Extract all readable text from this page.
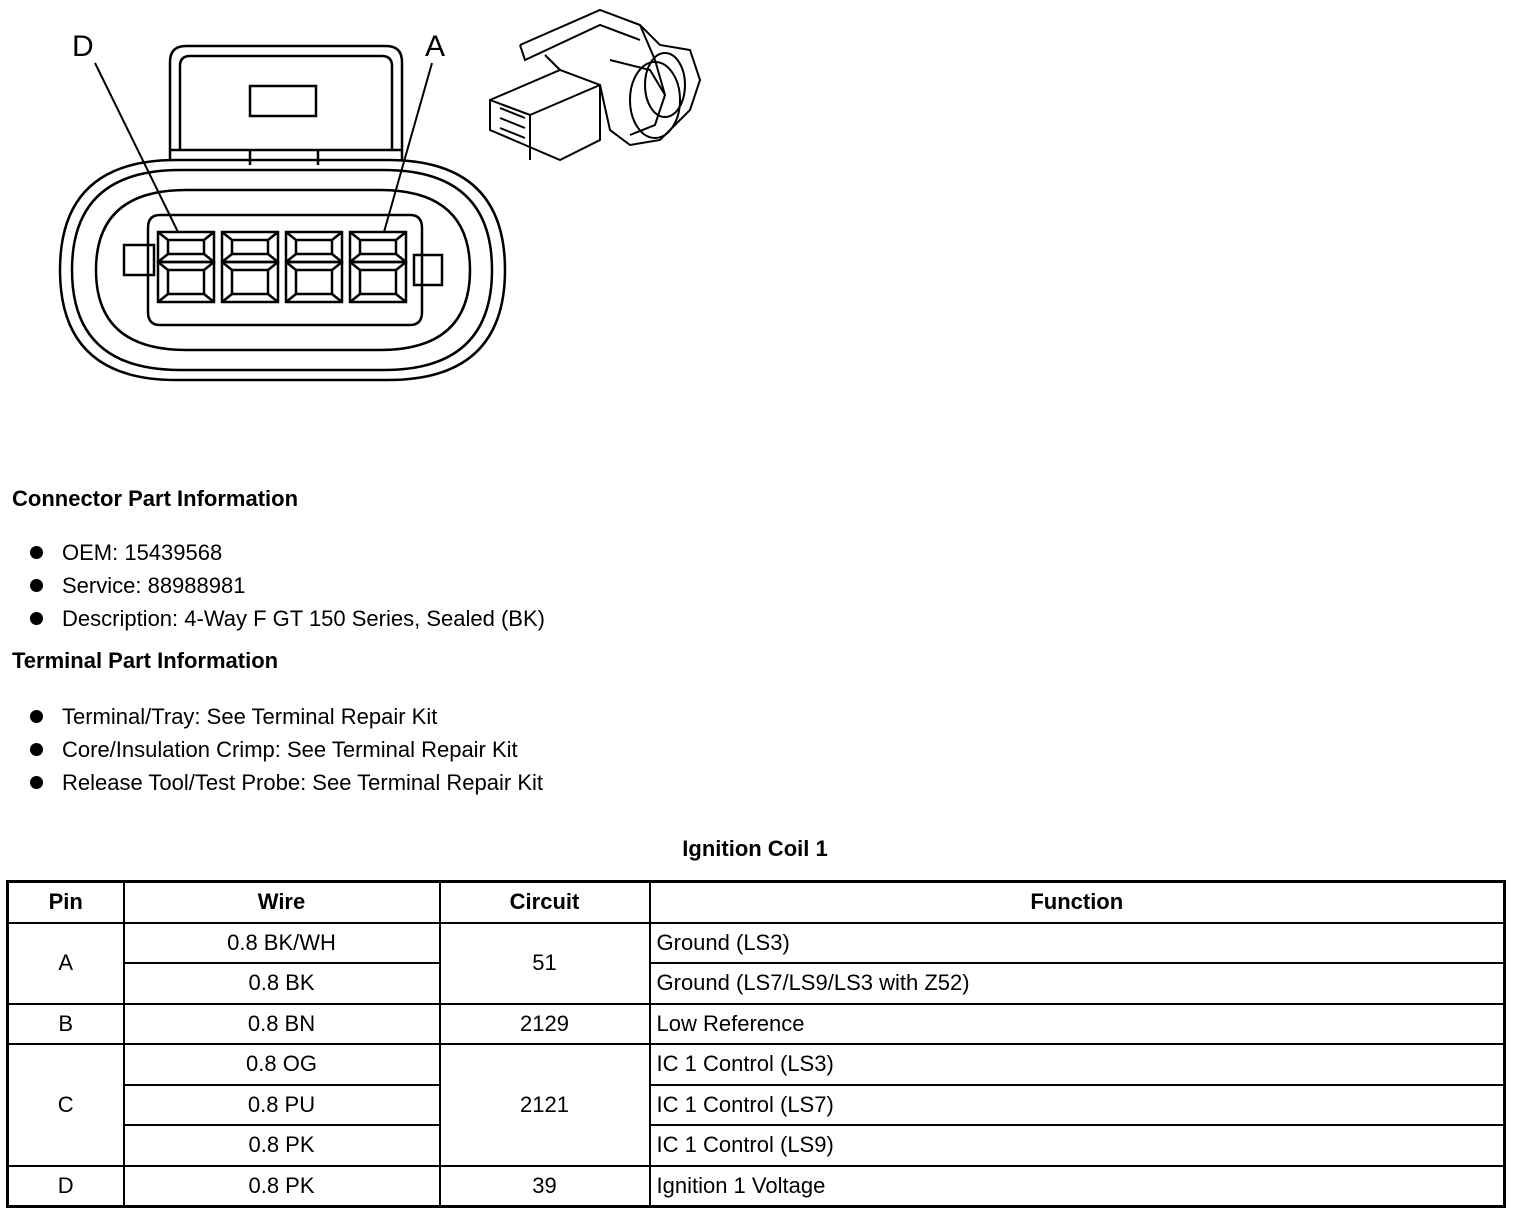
D	A
Connector Part Information
OEM: 15439568
Service: 88988981
Description: 4-Way F GT 150 Series, Sealed (BK)
Terminal Part Information
Terminal/Tray: See Terminal Repair Kit
Core/Insulation Crimp: See Terminal Repair Kit
Release Tool/Test Probe: See Terminal Repair Kit
Ignition Coil 1
Pin	Wire	Circuit	Function
A	0.8 BK/WH	51	Ground (LS3)
	0.8 BK		Ground (LS7/LS9/LS3 with Z52)
B	0.8 BN	2129	Low Reference
C	0.8 OG	2121	IC 1 Control (LS3)
	0.8 PU		IC 1 Control (LS7)
	0.8 PK		IC 1 Control (LS9)
D	0.8 PK	39	Ignition 1 Voltage
